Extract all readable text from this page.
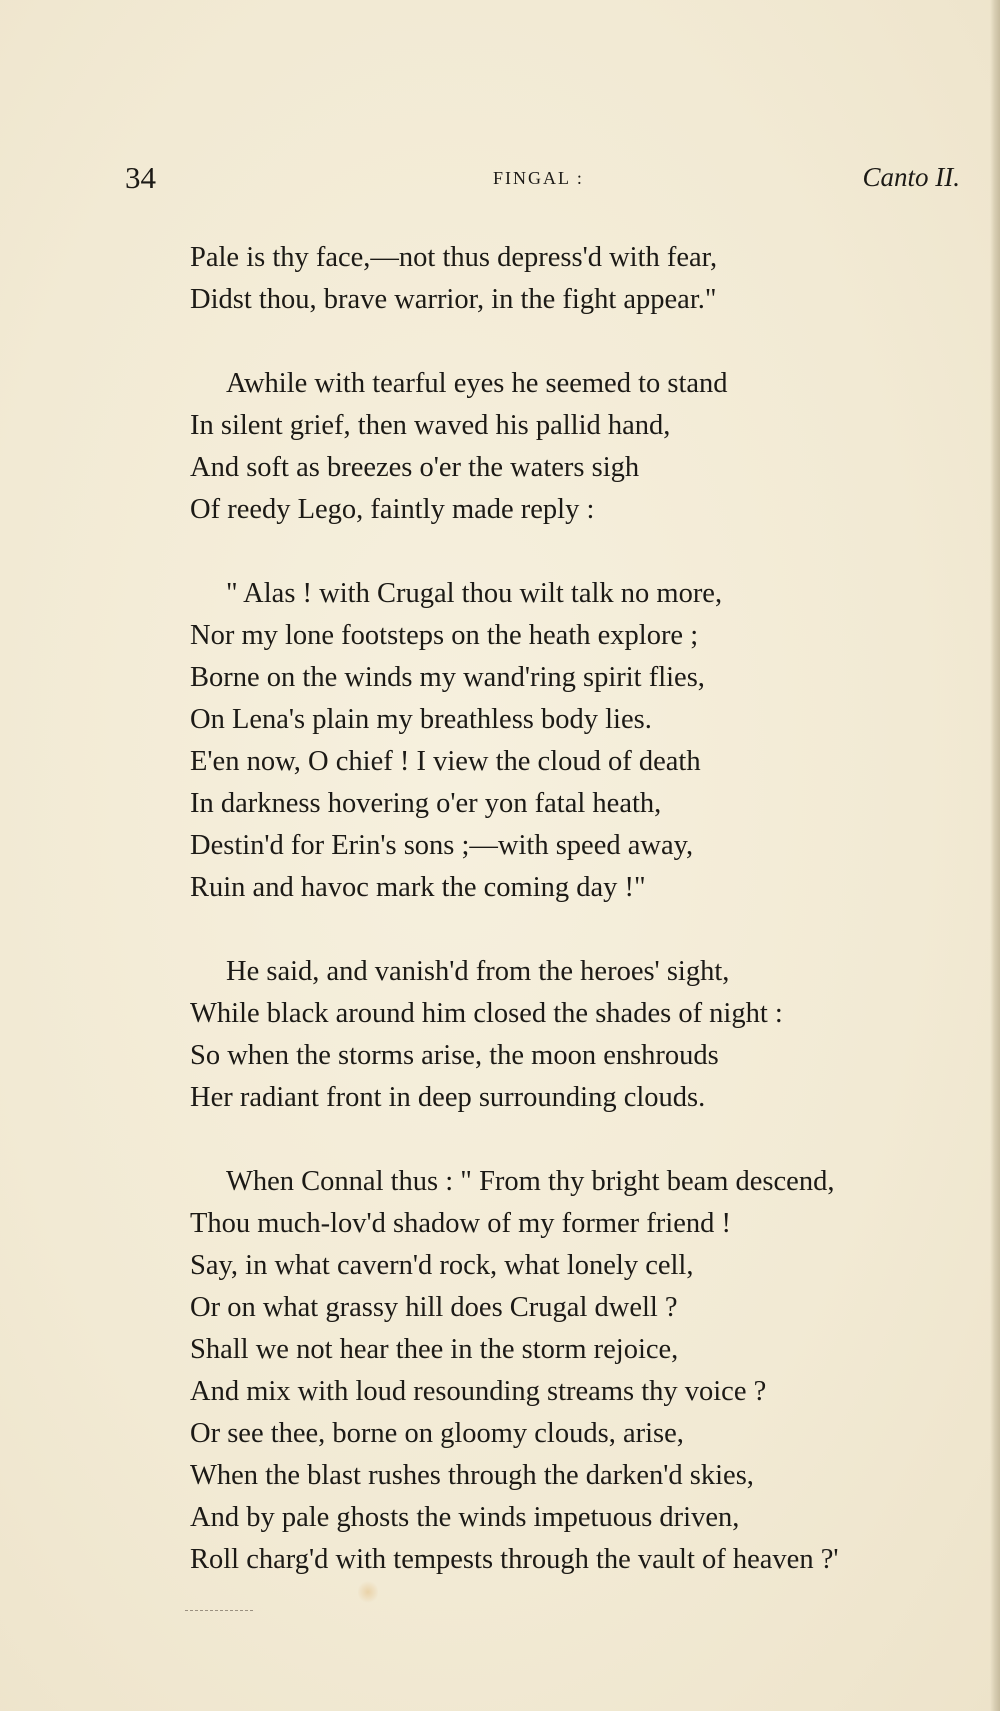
34	FINGAL :	Canto II.
Pale is thy face,—not thus depress'd with fear,
Didst thou, brave warrior, in the fight appear."
Awhile with tearful eyes he seemed to stand
In silent grief, then waved his pallid hand,
And soft as breezes o'er the waters sigh
Of reedy Lego, faintly made reply :
" Alas ! with Crugal thou wilt talk no more,
Nor my lone footsteps on the heath explore ;
Borne on the winds my wand'ring spirit flies,
On Lena's plain my breathless body lies.
E'en now, O chief ! I view the cloud of death
In darkness hovering o'er yon fatal heath,
Destin'd for Erin's sons ;—with speed away,
Ruin and havoc mark the coming day !"
He said, and vanish'd from the heroes' sight,
While black around him closed the shades of night :
So when the storms arise, the moon enshrouds
Her radiant front in deep surrounding clouds.
When Connal thus : " From thy bright beam descend,
Thou much-lov'd shadow of my former friend !
Say, in what cavern'd rock, what lonely cell,
Or on what grassy hill does Crugal dwell ?
Shall we not hear thee in the storm rejoice,
And mix with loud resounding streams thy voice ?
Or see thee, borne on gloomy clouds, arise,
When the blast rushes through the darken'd skies,
And by pale ghosts the winds impetuous driven,
Roll charg'd with tempests through the vault of heaven ?'
